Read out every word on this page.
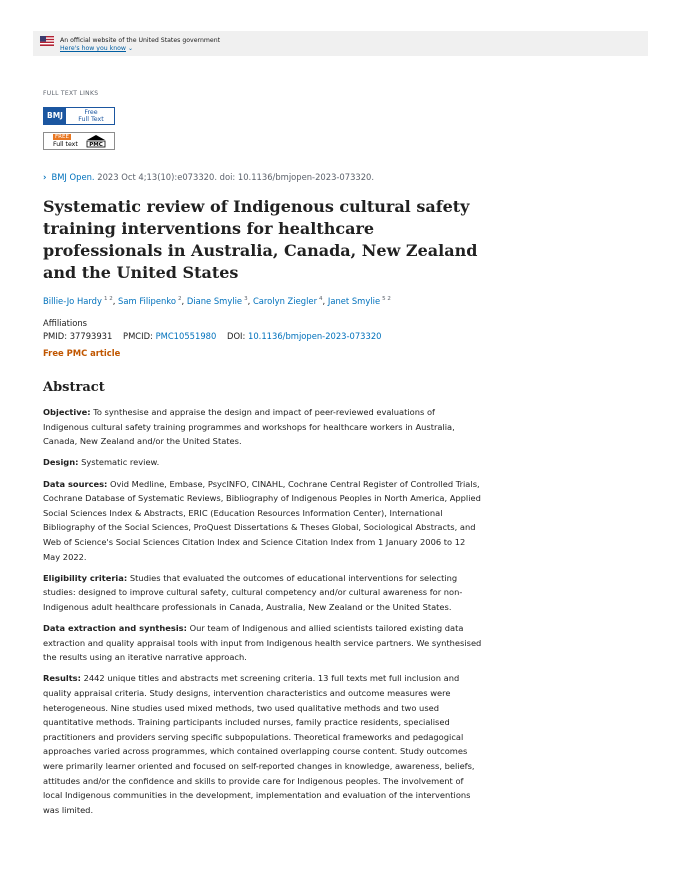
An official website of the United States government
Here's how you know ⌄
FULL TEXT LINKS
BMJ	Free
Full Text
FREE
Full text PMC
› BMJ Open. 2023 Oct 4;13(10):e073320. doi: 10.1136/bmjopen-2023-073320.
Systematic review of Indigenous cultural safety training interventions for healthcare professionals in Australia, Canada, New Zealand and the United States
Billie-Jo Hardy $^{1 2}$, Sam Filipenko $^2$, Diane Smylie $^3$, Carolyn Ziegler $^4$, Janet Smylie $^{5 2}$
Affiliations
PMID: 37793931 PMCID: PMC10551980 DOI: 10.1136/bmjopen-2023-073320
Free PMC article
Abstract

Objective: To synthesise and appraise the design and impact of peer-reviewed evaluations of Indigenous cultural safety training programmes and workshops for healthcare workers in Australia, Canada, New Zealand and/or the United States.

Design: Systematic review.

Data sources: Ovid Medline, Embase, PsycINFO, CINAHL, Cochrane Central Register of Controlled Trials, Cochrane Database of Systematic Reviews, Bibliography of Indigenous Peoples in North America, Applied Social Sciences Index & Abstracts, ERIC (Education Resources Information Center), International Bibliography of the Social Sciences, ProQuest Dissertations & Theses Global, Sociological Abstracts, and Web of Science's Social Sciences Citation Index and Science Citation Index from 1 January 2006 to 12 May 2022.

Eligibility criteria: Studies that evaluated the outcomes of educational interventions for selecting studies: designed to improve cultural safety, cultural competency and/or cultural awareness for non-Indigenous adult healthcare professionals in Canada, Australia, New Zealand or the United States.

Data extraction and synthesis: Our team of Indigenous and allied scientists tailored existing data extraction and quality appraisal tools with input from Indigenous health service partners. We synthesised the results using an iterative narrative approach.

Results: 2442 unique titles and abstracts met screening criteria. 13 full texts met full inclusion and quality appraisal criteria. Study designs, intervention characteristics and outcome measures were heterogeneous. Nine studies used mixed methods, two used qualitative methods and two used quantitative methods. Training participants included nurses, family practice residents, specialised practitioners and providers serving specific subpopulations. Theoretical frameworks and pedagogical approaches varied across programmes, which contained overlapping course content. Study outcomes were primarily learner oriented and focused on self-reported changes in knowledge, awareness, beliefs, attitudes and/or the confidence and skills to provide care for Indigenous peoples. The involvement of local Indigenous communities in the development, implementation and evaluation of the interventions was limited.
